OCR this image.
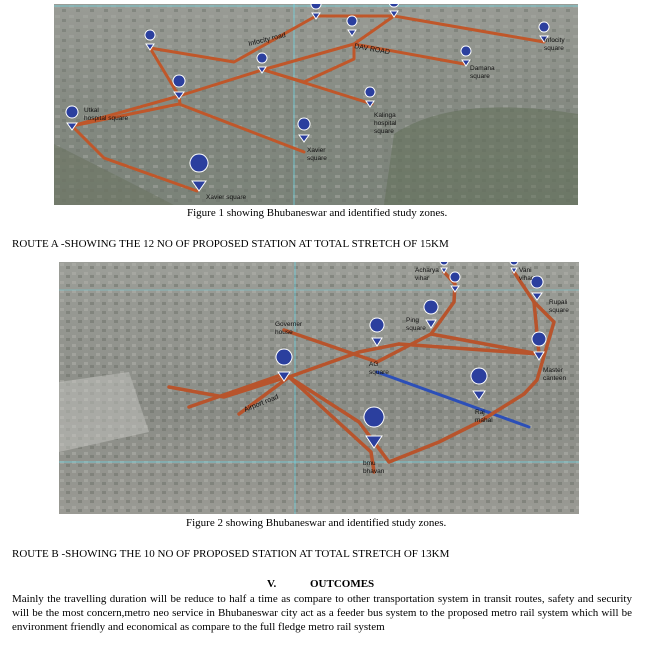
Infocity road
DAV ROAD
Infocity
square
Damana
square
Utkal
hospital square	Kalinga
hospital
square
Xavier
square
Xavier square
Figure 1 showing Bhubaneswar and identified study zones.
ROUTE A -SHOWING THE 12 NO OF PROPOSED STATION AT TOTAL STRETCH OF 15KM
Acharya
vihar
Vani
vihar
Rupali
square
Governer
house
Ping
square
AG
square	Master
canteen
Airport road	Raj
mahal
bmu
bhavan
Figure 2 showing Bhubaneswar and identified study zones.
ROUTE B -SHOWING THE 10 NO OF PROPOSED STATION AT TOTAL STRETCH OF 13KM
V.	OUTCOMES
Mainly the travelling duration will be reduce to half a time as compare to other transportation system in transit routes, safety and security will be the most concern,metro neo service in Bhubaneswar city act as a feeder bus system to the proposed metro rail system which will be environment friendly and economical as compare to the full fledge metro rail system
